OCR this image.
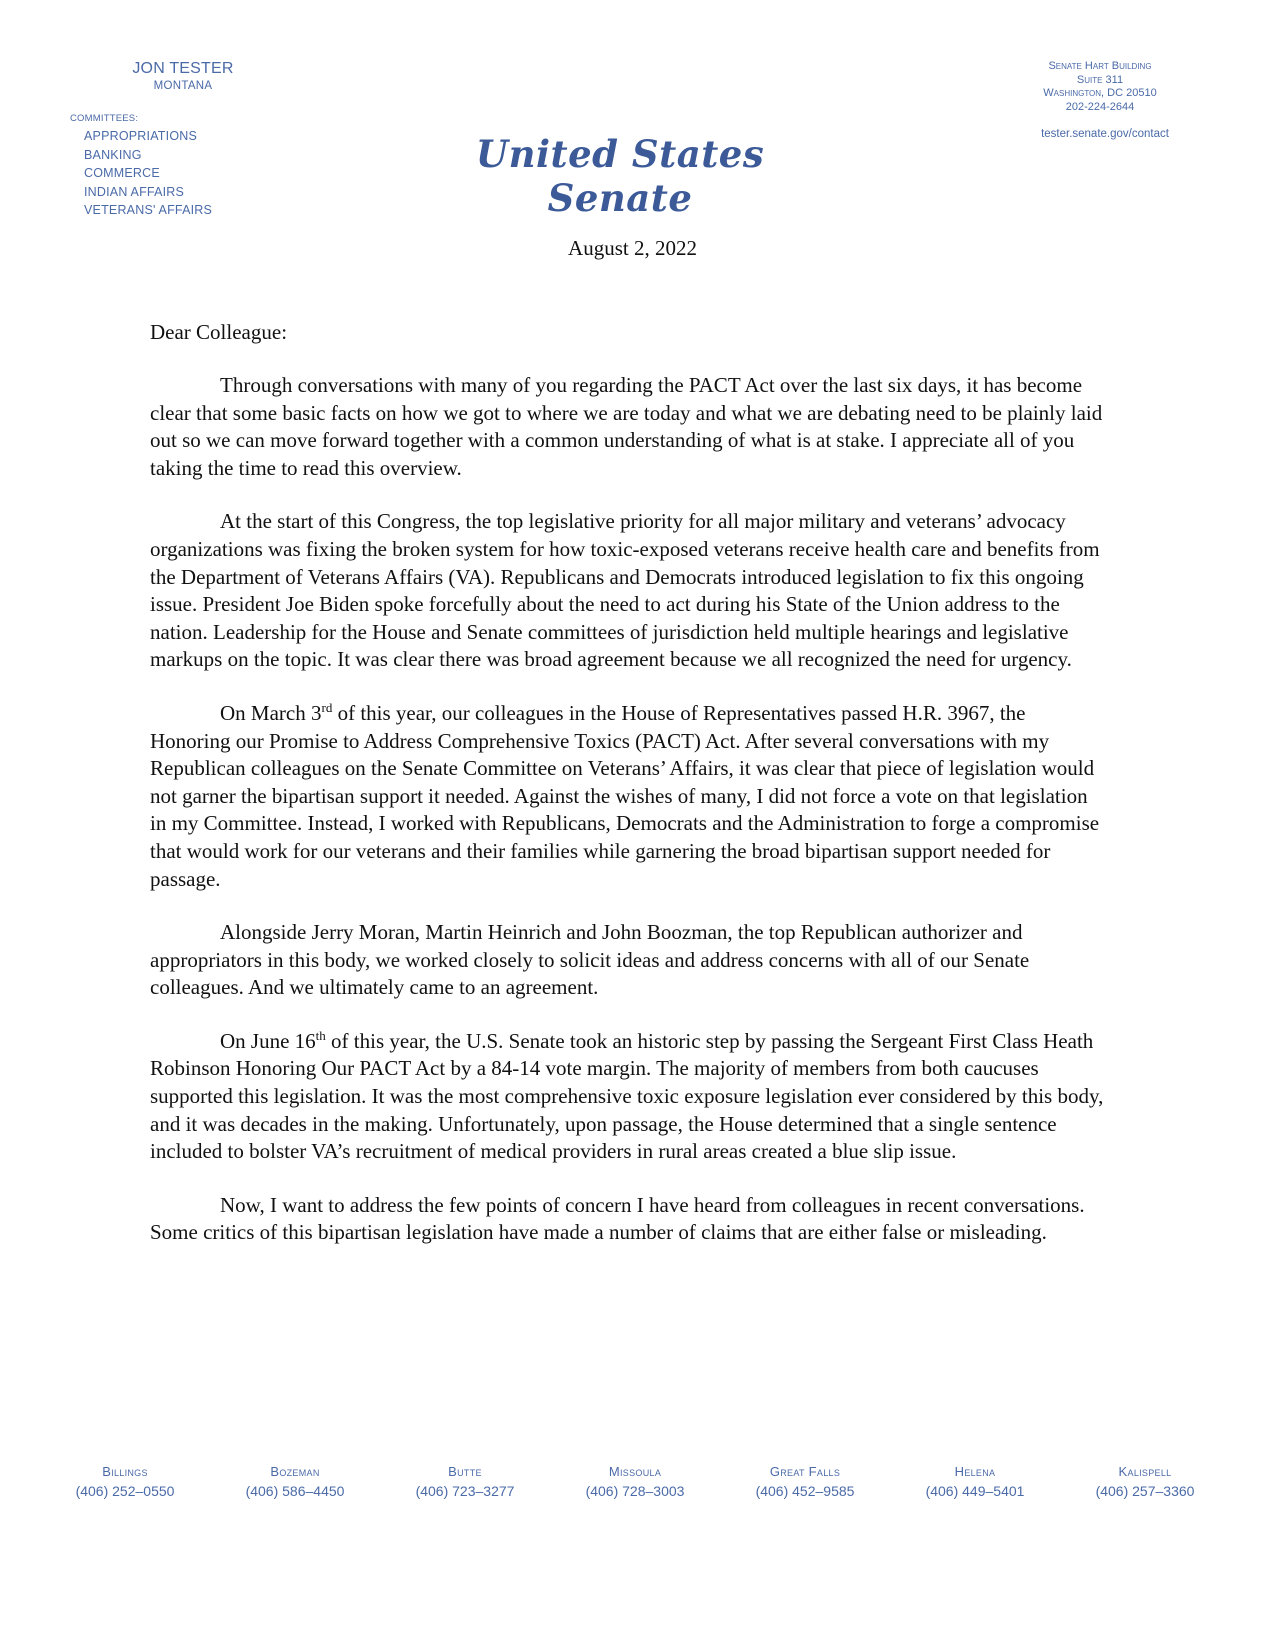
JON TESTER
MONTANA
COMMITTEES:
APPROPRIATIONS
BANKING
COMMERCE
INDIAN AFFAIRS
VETERANS' AFFAIRS
United States Senate
Senate Hart Building
Suite 311
Washington, DC 20510
202-224-2644
tester.senate.gov/contact
August 2, 2022
Dear Colleague:

Through conversations with many of you regarding the PACT Act over the last six days, it has become clear that some basic facts on how we got to where we are today and what we are debating need to be plainly laid out so we can move forward together with a common understanding of what is at stake. I appreciate all of you taking the time to read this overview.

At the start of this Congress, the top legislative priority for all major military and veterans’ advocacy organizations was fixing the broken system for how toxic-exposed veterans receive health care and benefits from the Department of Veterans Affairs (VA). Republicans and Democrats introduced legislation to fix this ongoing issue. President Joe Biden spoke forcefully about the need to act during his State of the Union address to the nation. Leadership for the House and Senate committees of jurisdiction held multiple hearings and legislative markups on the topic. It was clear there was broad agreement because we all recognized the need for urgency.

On March 3rd of this year, our colleagues in the House of Representatives passed H.R. 3967, the Honoring our Promise to Address Comprehensive Toxics (PACT) Act. After several conversations with my Republican colleagues on the Senate Committee on Veterans’ Affairs, it was clear that piece of legislation would not garner the bipartisan support it needed. Against the wishes of many, I did not force a vote on that legislation in my Committee. Instead, I worked with Republicans, Democrats and the Administration to forge a compromise that would work for our veterans and their families while garnering the broad bipartisan support needed for passage.

Alongside Jerry Moran, Martin Heinrich and John Boozman, the top Republican authorizer and appropriators in this body, we worked closely to solicit ideas and address concerns with all of our Senate colleagues. And we ultimately came to an agreement.

On June 16th of this year, the U.S. Senate took an historic step by passing the Sergeant First Class Heath Robinson Honoring Our PACT Act by a 84-14 vote margin. The majority of members from both caucuses supported this legislation. It was the most comprehensive toxic exposure legislation ever considered by this body, and it was decades in the making. Unfortunately, upon passage, the House determined that a single sentence included to bolster VA’s recruitment of medical providers in rural areas created a blue slip issue.

Now, I want to address the few points of concern I have heard from colleagues in recent conversations. Some critics of this bipartisan legislation have made a number of claims that are either false or misleading.

Billings
(406) 252–0550
Bozeman
(406) 586–4450
Butte
(406) 723–3277
Missoula
(406) 728–3003
Great Falls
(406) 452–9585
Helena
(406) 449–5401
Kalispell
(406) 257–3360
